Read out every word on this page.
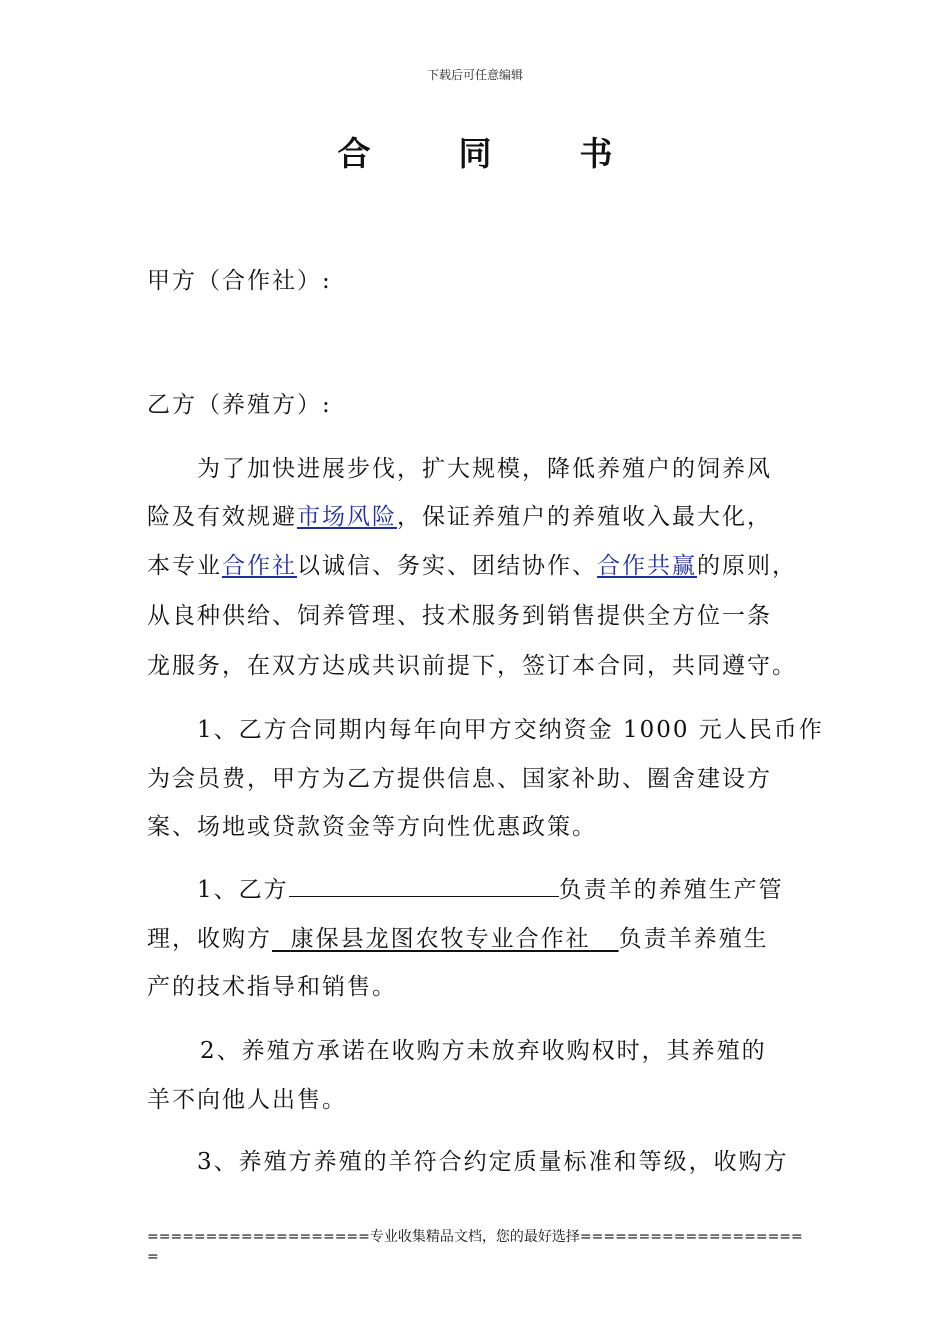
下载后可任意编辑
合	同	书
甲方（合作社）:
乙方（养殖方）:
为了加快进展步伐，扩大规模，降低养殖户的饲养风
险及有效规避市场风险，保证养殖户的养殖收入最大化，
本专业合作社以诚信、务实、团结协作、合作共赢的原则，
从良种供给、饲养管理、技术服务到销售提供全方位一条
龙服务，在双方达成共识前提下，签订本合同，共同遵守。
1、乙方合同期内每年向甲方交纳资金 1000 元人民币作
为会员费，甲方为乙方提供信息、国家补助、圈舍建设方
案、场地或贷款资金等方向性优惠政策。
1、乙方	负责羊的养殖生产管
理，收购方 康保县龙图农牧专业合作社 负责羊养殖生
产的技术指导和销售。
2、养殖方承诺在收购方未放弃收购权时，其养殖的
羊不向他人出售。
3、养殖方养殖的羊符合约定质量标准和等级，收购方
===================专业收集精品文档，您的最好选择====================
